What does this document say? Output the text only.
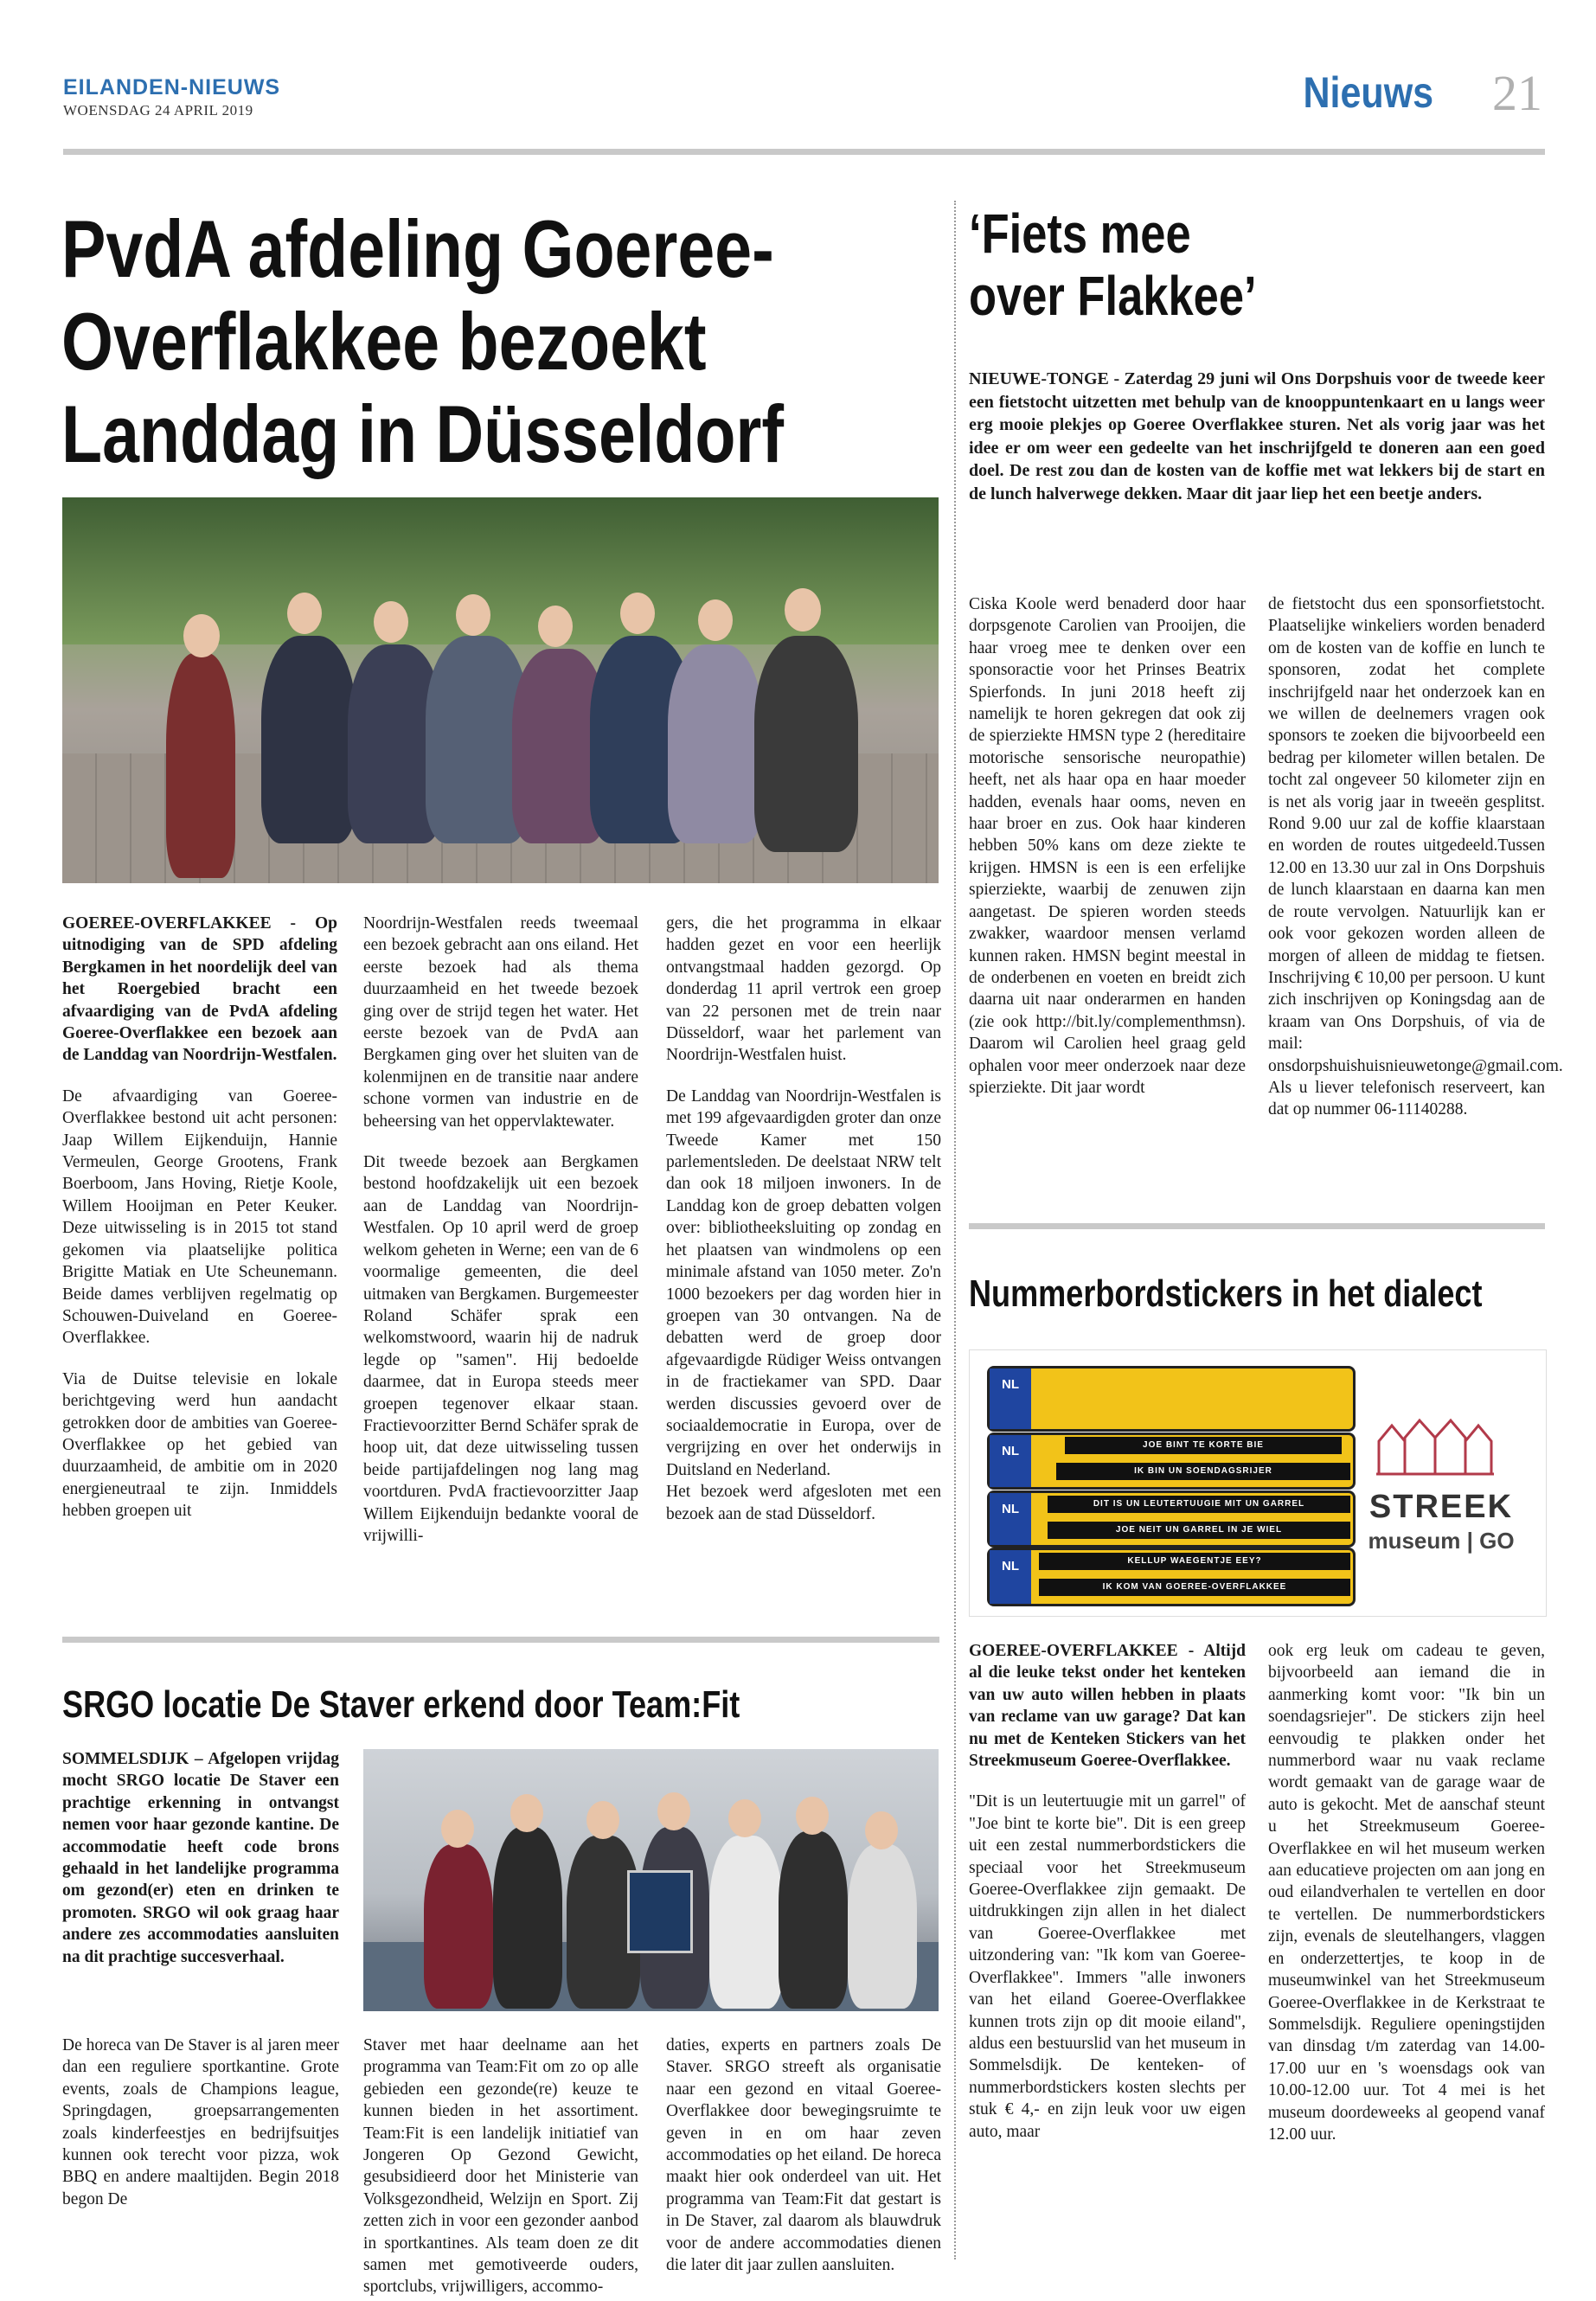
EILANDEN-NIEUWS
WOENSDAG 24 APRIL 2019	Nieuws 21
PvdA afdeling Goeree-
Overflakkee bezoekt
Landdag in Düsseldorf

GOEREE-OVERFLAKKEE - Op uitnodiging van de SPD afdeling Bergkamen in het noordelijk deel van het Roergebied bracht een afvaardiging van de PvdA afdeling Goeree-Overflakkee een bezoek aan de Landdag van Noordrijn-Westfalen.

De afvaardiging van Goeree-Overflakkee bestond uit acht personen: Jaap Willem Eijkenduijn, Hannie Vermeulen, George Grootens, Frank Boerboom, Jans Hoving, Rietje Koole, Willem Hooijman en Peter Keuker. Deze uitwisseling is in 2015 tot stand gekomen via plaatselijke politica Brigitte Matiak en Ute Scheunemann. Beide dames verblijven regelmatig op Schouwen-Duiveland en Goeree-Overflakkee.

Via de Duitse televisie en lokale berichtgeving werd hun aandacht getrokken door de ambities van Goeree-Overflakkee op het gebied van duurzaamheid, de ambitie om in 2020 energieneutraal te zijn. Inmiddels hebben groepen uit

Noordrijn-Westfalen reeds tweemaal een bezoek gebracht aan ons eiland. Het eerste bezoek had als thema duurzaamheid en het tweede bezoek ging over de strijd tegen het water. Het eerste bezoek van de PvdA aan Bergkamen ging over het sluiten van de kolenmijnen en de transitie naar andere schone vormen van industrie en de beheersing van het oppervlaktewater.

Dit tweede bezoek aan Bergkamen bestond hoofdzakelijk uit een bezoek aan de Landdag van Noordrijn-Westfalen. Op 10 april werd de groep welkom geheten in Werne; een van de 6 voormalige gemeenten, die deel uitmaken van Bergkamen. Burgemeester Roland Schäfer sprak een welkomstwoord, waarin hij de nadruk legde op "samen". Hij bedoelde daarmee, dat in Europa steeds meer groepen tegenover elkaar staan. Fractievoorzitter Bernd Schäfer sprak de hoop uit, dat deze uitwisseling tussen beide partijafdelingen nog lang mag voortduren. PvdA fractievoorzitter Jaap Willem Eijkenduijn bedankte vooral de vrijwilli-

gers, die het programma in elkaar hadden gezet en voor een heerlijk ontvangstmaal hadden gezorgd. Op donderdag 11 april vertrok een groep van 22 personen met de trein naar Düsseldorf, waar het parlement van Noordrijn-Westfalen huist.

De Landdag van Noordrijn-Westfalen is met 199 afgevaardigden groter dan onze Tweede Kamer met 150 parlementsleden. De deelstaat NRW telt dan ook 18 miljoen inwoners. In de Landdag kon de groep debatten volgen over: bibliotheeksluiting op zondag en het plaatsen van windmolens op een minimale afstand van 1050 meter. Zo'n 1000 bezoekers per dag worden hier in groepen van 30 ontvangen. Na de debatten werd de groep door afgevaardigde Rüdiger Weiss ontvangen in de fractiekamer van SPD. Daar werden discussies gevoerd over de sociaaldemocratie in Europa, over de vergrijzing en over het onderwijs in Duitsland en Nederland.

Het bezoek werd afgesloten met een bezoek aan de stad Düsseldorf.

‘Fiets mee
over Flakkee’
NIEUWE-TONGE - Zaterdag 29 juni wil Ons Dorpshuis voor de tweede keer een fietstocht uitzetten met behulp van de knooppuntenkaart en u langs weer erg mooie plekjes op Goeree Overflakkee sturen. Net als vorig jaar was het idee er om weer een gedeelte van het inschrijfgeld te doneren aan een goed doel. De rest zou dan de kosten van de koffie met wat lekkers bij de start en de lunch halverwege dekken. Maar dit jaar liep het een beetje anders.
Ciska Koole werd benaderd door haar dorpsgenote Carolien van Prooijen, die haar vroeg mee te denken over een sponsoractie voor het Prinses Beatrix Spierfonds. In juni 2018 heeft zij namelijk te horen gekregen dat ook zij de spierziekte HMSN type 2 (hereditaire motorische sensorische neuropathie) heeft, net als haar opa en haar moeder hadden, evenals haar ooms, neven en haar broer en zus. Ook haar kinderen hebben 50% kans om deze ziekte te krijgen. HMSN is een is een erfelijke spierziekte, waarbij de zenuwen zijn aangetast. De spieren worden steeds zwakker, waardoor mensen verlamd kunnen raken. HMSN begint meestal in de onderbenen en voeten en breidt zich daarna uit naar onderarmen en handen (zie ook http://bit.ly/complementhmsn). Daarom wil Carolien heel graag geld ophalen voor meer onderzoek naar deze spierziekte. Dit jaar wordt
de fietstocht dus een sponsorfietstocht. Plaatselijke winkeliers worden benaderd om de kosten van de koffie en lunch te sponsoren, zodat het complete inschrijfgeld naar het onderzoek kan en we willen de deelnemers vragen ook sponsors te zoeken die bijvoorbeeld een bedrag per kilometer willen betalen. De tocht zal ongeveer 50 kilometer zijn en is net als vorig jaar in tweeën gesplitst. Rond 9.00 uur zal de koffie klaarstaan en worden de routes uitgedeeld.Tussen 12.00 en 13.30 uur zal in Ons Dorpshuis de lunch klaarstaan en daarna kan men de route vervolgen. Natuurlijk kan er ook voor gekozen worden alleen de morgen of alleen de middag te fietsen. Inschrijving € 10,00 per persoon. U kunt zich inschrijven op Koningsdag aan de kraam van Ons Dorpshuis, of via de mail: onsdorpshuishuisnieuwetonge@gmail.com. Als u liever telefonisch reserveert, kan dat op nummer 06-11140288.
Nummerbordstickers in het dialect
NL
NL
NL
NL
JOE BINT TE KORTE BIE
IK BIN UN SOENDAGSRIJER
DIT IS UN LEUTERTUUGIE MIT UN GARREL
JOE NEIT UN GARREL IN JE WIEL
KELLUP WAEGENTJE EEY?
IK KOM VAN GOEREE-OVERFLAKKEE
STREEK
museum | GO

GOEREE-OVERFLAKKEE - Altijd al die leuke tekst onder het kenteken van uw auto willen hebben in plaats van reclame van uw garage? Dat kan nu met de Kenteken Stickers van het Streekmuseum Goeree-Overflakkee.

"Dit is un leutertuugie mit un garrel" of "Joe bint te korte bie". Dit is een greep uit een zestal nummerbordstickers die speciaal voor het Streekmuseum Goeree-Overflakkee zijn gemaakt. De uitdrukkingen zijn allen in het dialect van Goeree-Overflakkee met uitzondering van: "Ik kom van Goeree-Overflakkee". Immers "alle inwoners van het eiland Goeree-Overflakkee kunnen trots zijn op dit mooie eiland", aldus een bestuurslid van het museum in Sommelsdijk. De kenteken- of nummerbordstickers kosten slechts per stuk € 4,- en zijn leuk voor uw eigen auto, maar

ook erg leuk om cadeau te geven, bijvoorbeeld aan iemand die in aanmerking komt voor: "Ik bin un soendagsriejer". De stickers zijn heel eenvoudig te plakken onder het nummerbord waar nu vaak reclame wordt gemaakt van de garage waar de auto is gekocht. Met de aanschaf steunt u het Streekmuseum Goeree-Overflakkee en wil het museum werken aan educatieve projecten om aan jong en oud eilandverhalen te vertellen en door te vertellen. De nummerbordstickers zijn, evenals de sleutelhangers, vlaggen en onderzettertjes, te koop in de museumwinkel van het Streekmuseum Goeree-Overflakkee in de Kerkstraat te Sommelsdijk. Reguliere openingstijden van dinsdag t/m zaterdag van 14.00-17.00 uur en 's woensdags ook van 10.00-12.00 uur. Tot 4 mei is het museum doordeweeks al geopend vanaf 12.00 uur.
SRGO locatie De Staver erkend door Team:Fit
SOMMELSDIJK – Afgelopen vrijdag mocht SRGO locatie De Staver een prachtige erkenning in ontvangst nemen voor haar gezonde kantine. De accommodatie heeft code brons gehaald in het landelijke programma om gezond(er) eten en drinken te promoten. SRGO wil ook graag haar andere zes accommodaties aansluiten na dit prachtige succesverhaal.
De horeca van De Staver is al jaren meer dan een reguliere sportkantine. Grote events, zoals de Champions league, Springdagen, groepsarrangementen zoals kinderfeestjes en bedrijfsuitjes kunnen ook terecht voor pizza, wok BBQ en andere maaltijden. Begin 2018 begon De
Staver met haar deelname aan het programma van Team:Fit om zo op alle gebieden een gezonde(re) keuze te kunnen bieden in het assortiment. Team:Fit is een landelijk initiatief van Jongeren Op Gezond Gewicht, gesubsidieerd door het Ministerie van Volksgezondheid, Welzijn en Sport. Zij zetten zich in voor een gezonder aanbod in sportkantines. Als team doen ze dit samen met gemotiveerde ouders, sportclubs, vrijwilligers, accommo-
daties, experts en partners zoals De Staver. SRGO streeft als organisatie naar een gezond en vitaal Goeree-Overflakkee door bewegingsruimte te geven in en om haar zeven accommodaties op het eiland. De horeca maakt hier ook onderdeel van uit. Het programma van Team:Fit dat gestart is in De Staver, zal daarom als blauwdruk voor de andere accommodaties dienen die later dit jaar zullen aansluiten.
